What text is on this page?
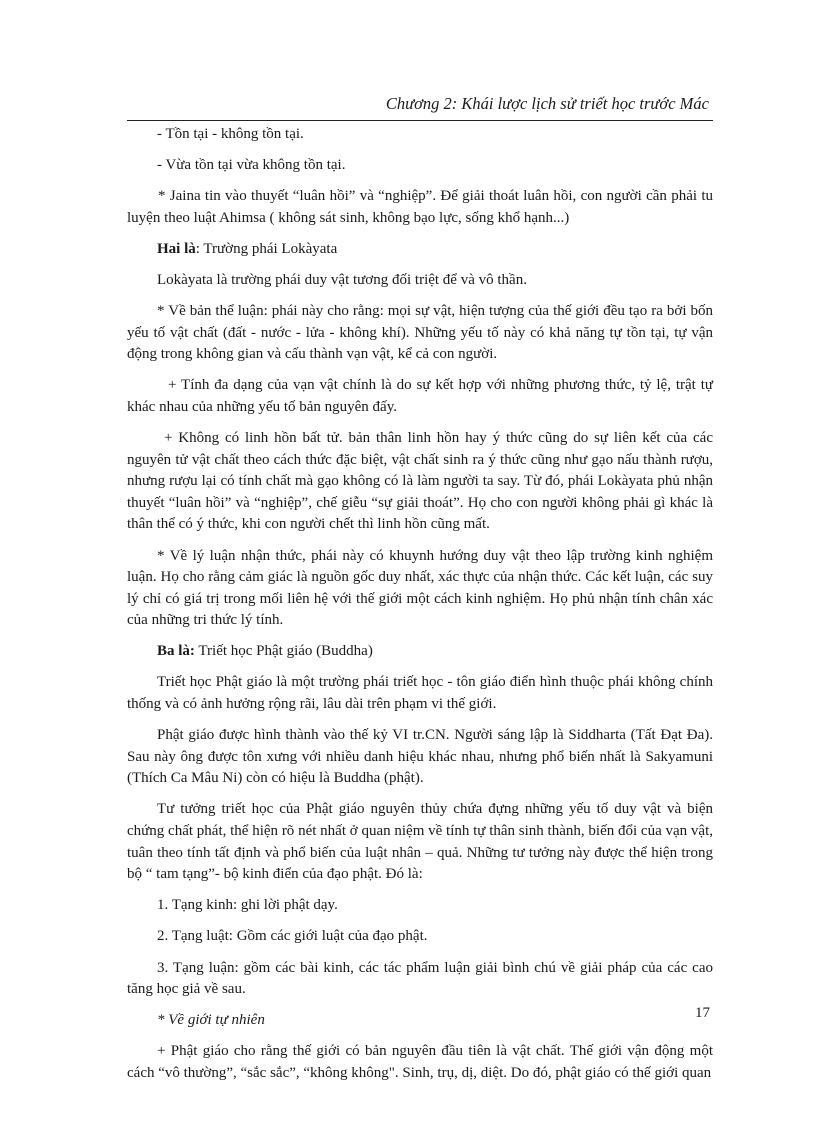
Chương 2: Khái lược lịch sử triết học trước Mác

- Tồn tại - không tồn tại.

- Vừa tồn tại vừa không tồn tại.

* Jaina tin vào thuyết “luân hồi” và “nghiệp”. Để giải thoát luân hồi, con người cần phải tu luyện theo luật Ahimsa ( không sát sinh, không bạo lực, sống khổ hạnh...)

Hai là: Trường phái Lokàyata

Lokàyata là trường phái duy vật tương đối triệt để và vô thần.

* Về bản thể luận: phái này cho rằng: mọi sự vật, hiện tượng của thế giới đều tạo ra bởi bốn yếu tố vật chất (đất - nước - lửa - không khí). Những yếu tố này có khả năng tự tồn tại, tự vận động trong không gian và cấu thành vạn vật, kể cả con người.

+ Tính đa dạng của vạn vật chính là do sự kết hợp với những phương thức, tỷ lệ, trật tự khác nhau của những yếu tố bản nguyên đấy.

+ Không có linh hồn bất tử. bản thân linh hồn hay ý thức cũng do sự liên kết của các nguyên tử vật chất theo cách thức đặc biệt, vật chất sinh ra ý thức cũng như gạo nấu thành rượu, nhưng rượu lại có tính chất mà gạo không có là làm người ta say. Từ đó, phái Lokàyata phủ nhận thuyết “luân hồi” và “nghiệp”, chế giễu “sự giải thoát”. Họ cho con người không phải gì khác là thân thể có ý thức, khi con người chết thì linh hồn cũng mất.

* Về lý luận nhận thức, phái này có khuynh hướng duy vật theo lập trường kinh nghiệm luận. Họ cho rằng cảm giác là nguồn gốc duy nhất, xác thực của nhận thức. Các kết luận, các suy lý chỉ có giá trị trong mối liên hệ với thế giới một cách kinh nghiệm. Họ phủ nhận tính chân xác của những tri thức lý tính.

Ba là: Triết học Phật giáo (Buddha)

Triết học Phật giáo là một trường phái triết học - tôn giáo điển hình thuộc phái không chính thống và có ảnh hưởng rộng rãi, lâu dài trên phạm vi thế giới.

Phật giáo được hình thành vào thế kỷ VI tr.CN. Người sáng lập là Siddharta (Tất Đạt Đa). Sau này ông được tôn xưng với nhiều danh hiệu khác nhau, nhưng phổ biến nhất là Sakyamuni (Thích Ca Mâu Ni) còn có hiệu là Buddha (phật).

Tư tưởng triết học của Phật giáo nguyên thủy chứa đựng những yếu tố duy vật và biện chứng chất phát, thể hiện rõ nét nhất ở quan niệm về tính tự thân sinh thành, biến đổi của vạn vật, tuân theo tính tất định và phổ biến của luật nhân – quả. Những tư tưởng này được thể hiện trong bộ “ tam tạng”- bộ kinh điển của đạo phật. Đó là:

1. Tạng kinh: ghi lời phật dạy.

2. Tạng luật: Gồm các giới luật của đạo phật.

3. Tạng luận: gồm các bài kinh, các tác phẩm luận giải bình chú về giải pháp của các cao tăng học giả về sau.

* Về giới tự nhiên

+ Phật giáo cho rằng thế giới có bản nguyên đầu tiên là vật chất. Thế giới vận động một cách “vô thường”, “sắc sắc”, “không không". Sinh, trụ, dị, diệt. Do đó, phật giáo có thế giới quan

17
